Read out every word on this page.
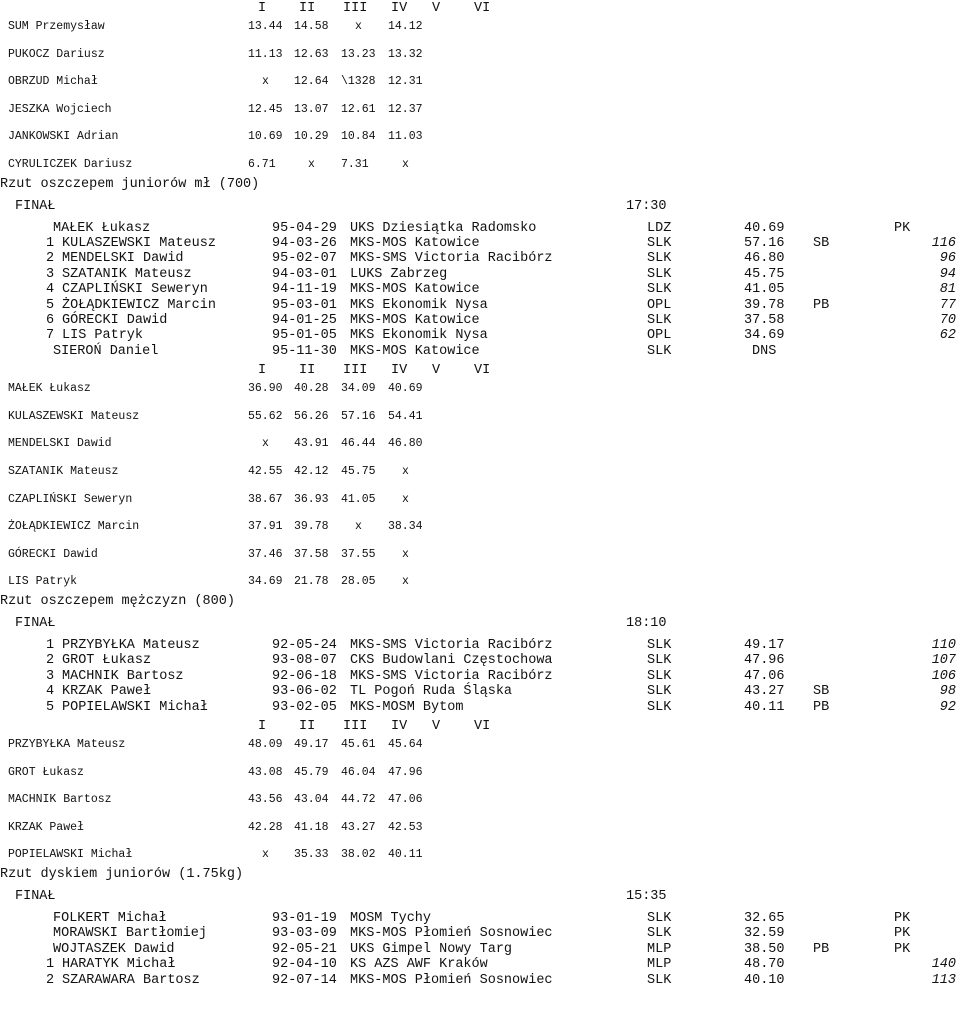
I II III IV V	VI
SUM Przemysław	13.44 14.58 x 14.12
PUKOCZ Dariusz	11.13 12.63 13.23 13.32
OBRZUD Michał	x 12.64 \1328 12.31
JESZKA Wojciech	12.45 13.07 12.61 12.37
JANKOWSKI Adrian	10.69 10.29 10.84 11.03
CYRULICZEK Dariusz	6.71	x 7.31	x
Rzut oszczepem juniorów mł (700)
FINAŁ	17:30
MAŁEK Łukasz	95-04-29 UKS Dziesiątka Radomsko	LDZ	40.69	PK
1 KULASZEWSKI Mateusz	94-03-26 MKS-MOS Katowice	SLK	57.16 SB	116
2 MENDELSKI Dawid	95-02-07 MKS-SMS Victoria Racibórz	SLK	46.80	96
3 SZATANIK Mateusz	94-03-01 LUKS Zabrzeg	SLK	45.75	94
4 CZAPLIŃSKI Seweryn	94-11-19 MKS-MOS Katowice	SLK	41.05	81
5 ŻOŁĄDKIEWICZ Marcin	95-03-01 MKS Ekonomik Nysa	OPL	39.78 PB	77
6 GÓRECKI Dawid	94-01-25 MKS-MOS Katowice	SLK	37.58	70
7 LIS Patryk	95-01-05 MKS Ekonomik Nysa	OPL	34.69	62
SIEROŃ Daniel	95-11-30 MKS-MOS Katowice	SLK	DNS
I II III IV V	VI
MAŁEK Łukasz	36.90 40.28 34.09 40.69
KULASZEWSKI Mateusz	55.62 56.26 57.16 54.41
MENDELSKI Dawid	x 43.91 46.44 46.80
SZATANIK Mateusz	42.55 42.12 45.75 x
CZAPLIŃSKI Seweryn	38.67 36.93 41.05 x
ŻOŁĄDKIEWICZ Marcin	37.91 39.78 x 38.34
GÓRECKI Dawid	37.46 37.58 37.55 x
LIS Patryk	34.69 21.78 28.05 x
Rzut oszczepem mężczyzn (800)
FINAŁ	18:10
1 PRZYBYŁKA Mateusz	92-05-24 MKS-SMS Victoria Racibórz	SLK	49.17	110
2 GROT Łukasz	93-08-07 CKS Budowlani Częstochowa	SLK	47.96	107
3 MACHNIK Bartosz	92-06-18 MKS-SMS Victoria Racibórz	SLK	47.06	106
4 KRZAK Paweł	93-06-02 TL Pogoń Ruda Śląska	SLK	43.27 SB	98
5 POPIELAWSKI Michał	93-02-05 MKS-MOSM Bytom	SLK	40.11 PB	92
I II III IV V	VI
PRZYBYŁKA Mateusz	48.09 49.17 45.61 45.64
GROT Łukasz	43.08 45.79 46.04 47.96
MACHNIK Bartosz	43.56 43.04 44.72 47.06
KRZAK Paweł	42.28 41.18 43.27 42.53
POPIELAWSKI Michał	x 35.33 38.02 40.11
Rzut dyskiem juniorów (1.75kg)
FINAŁ	15:35
FOLKERT Michał	93-01-19 MOSM Tychy	SLK	32.65	PK
MORAWSKI Bartłomiej	93-03-09 MKS-MOS Płomień Sosnowiec	SLK	32.59	PK
WOJTASZEK Dawid	92-05-21 UKS Gimpel Nowy Targ	MLP	38.50 PB	PK
1 HARATYK Michał	92-04-10 KS AZS AWF Kraków	MLP	48.70	140
2 SZARAWARA Bartosz	92-07-14 MKS-MOS Płomień Sosnowiec	SLK	40.10	113
